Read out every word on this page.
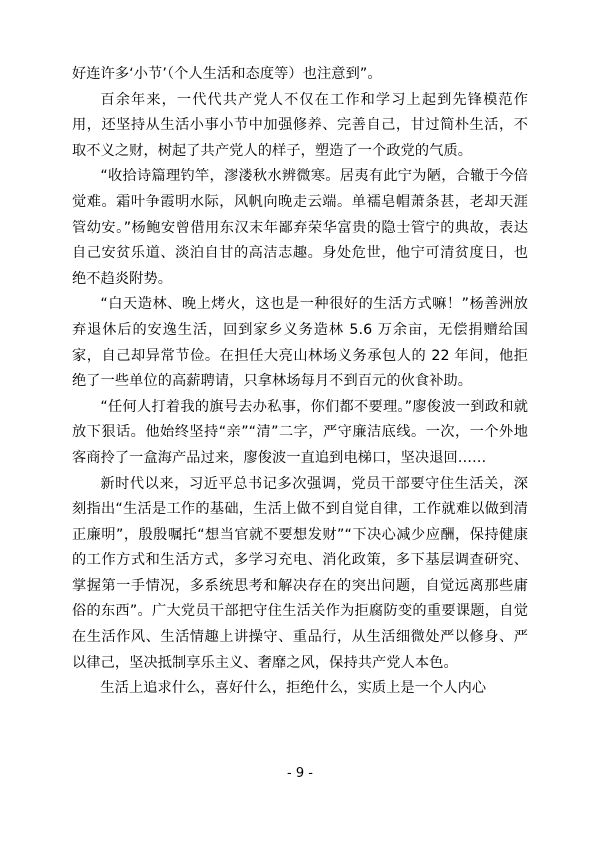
好连许多‘小节’（个人生活和态度等）也注意到”。

百余年来，一代代共产党人不仅在工作和学习上起到先锋模范作用，还坚持从生活小事小节中加强修养、完善自己，甘过简朴生活，不取不义之财，树起了共产党人的样子，塑造了一个政党的气质。

“收拾诗篇理钓竿，漻溇秋水辨微寒。居夷有此宁为陋，合辙于今倍觉难。霜叶争霞明水际，风帆向晚走云端。单襦皂帽萧条甚，老却天涯管幼安。”杨鲍安曾借用东汉末年鄙弃荣华富贵的隐士管宁的典故，表达自己安贫乐道、淡泊自甘的高洁志趣。身处危世，他宁可清贫度日，也绝不趋炎附势。

“白天造林、晚上烤火，这也是一种很好的生活方式嘛！”杨善洲放弃退休后的安逸生活，回到家乡义务造林 5.6 万余亩，无偿捐赠给国家，自己却异常节俭。在担任大亮山林场义务承包人的 22 年间，他拒绝了一些单位的高薪聘请，只拿林场每月不到百元的伙食补助。

“任何人打着我的旗号去办私事，你们都不要理。”廖俊波一到政和就放下狠话。他始终坚持“亲”“清”二字，严守廉洁底线。一次，一个外地客商拎了一盒海产品过来，廖俊波一直追到电梯口，坚决退回……

新时代以来，习近平总书记多次强调，党员干部要守住生活关，深刻指出“生活是工作的基础，生活上做不到自觉自律，工作就难以做到清正廉明”，殷殷嘱托“想当官就不要想发财”“下决心减少应酬，保持健康的工作方式和生活方式，多学习充电、消化政策，多下基层调查研究、掌握第一手情况，多系统思考和解决存在的突出问题，自觉远离那些庸俗的东西”。广大党员干部把守住生活关作为拒腐防变的重要课题，自觉在生活作风、生活情趣上讲操守、重品行，从生活细微处严以修身、严以律己，坚决抵制享乐主义、奢靡之风，保持共产党人本色。

生活上追求什么，喜好什么，拒绝什么，实质上是一个人内心

- 9 -
